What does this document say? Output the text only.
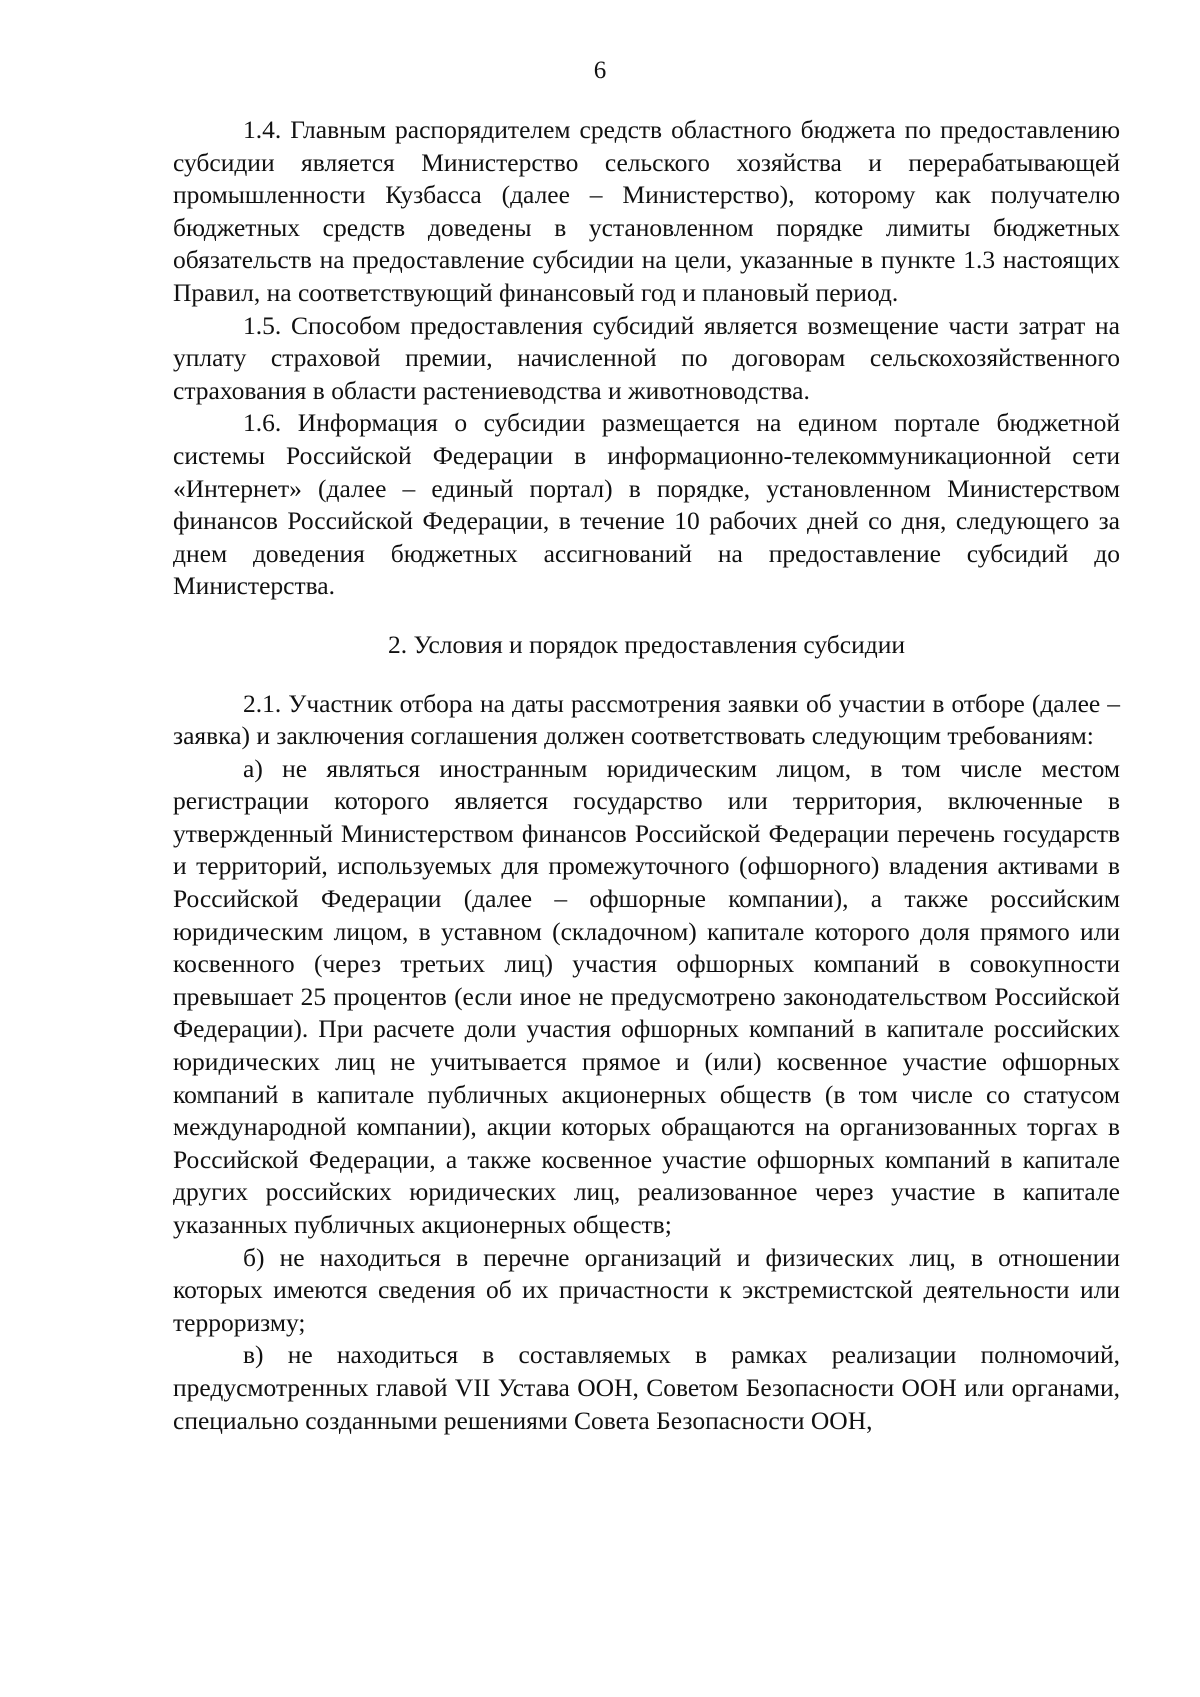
6

1.4. Главным распорядителем средств областного бюджета по предоставлению субсидии является Министерство сельского хозяйства и перерабатывающей промышленности Кузбасса (далее – Министерство), которому как получателю бюджетных средств доведены в установленном порядке лимиты бюджетных обязательств на предоставление субсидии на цели, указанные в пункте 1.3 настоящих Правил, на соответствующий финансовый год и плановый период.

1.5. Способом предоставления субсидий является возмещение части затрат на уплату страховой премии, начисленной по договорам сельскохозяйственного страхования в области растениеводства и животноводства.

1.6. Информация о субсидии размещается на едином портале бюджетной системы Российской Федерации в информационно-телекоммуникационной сети «Интернет» (далее – единый портал) в порядке, установленном Министерством финансов Российской Федерации, в течение 10 рабочих дней со дня, следующего за днем доведения бюджетных ассигнований на предоставление субсидий до Министерства.

2. Условия и порядок предоставления субсидии

2.1. Участник отбора на даты рассмотрения заявки об участии в отборе (далее – заявка) и заключения соглашения должен соответствовать следующим требованиям:

а) не являться иностранным юридическим лицом, в том числе местом регистрации которого является государство или территория, включенные в утвержденный Министерством финансов Российской Федерации перечень государств и территорий, используемых для промежуточного (офшорного) владения активами в Российской Федерации (далее – офшорные компании), а также российским юридическим лицом, в уставном (складочном) капитале которого доля прямого или косвенного (через третьих лиц) участия офшорных компаний в совокупности превышает 25 процентов (если иное не предусмотрено законодательством Российской Федерации). При расчете доли участия офшорных компаний в капитале российских юридических лиц не учитывается прямое и (или) косвенное участие офшорных компаний в капитале публичных акционерных обществ (в том числе со статусом международной компании), акции которых обращаются на организованных торгах в Российской Федерации, а также косвенное участие офшорных компаний в капитале других российских юридических лиц, реализованное через участие в капитале указанных публичных акционерных обществ;

б) не находиться в перечне организаций и физических лиц, в отношении которых имеются сведения об их причастности к экстремистской деятельности или терроризму;

в) не находиться в составляемых в рамках реализации полномочий, предусмотренных главой VII Устава ООН, Советом Безопасности ООН или органами, специально созданными решениями Совета Безопасности ООН,
